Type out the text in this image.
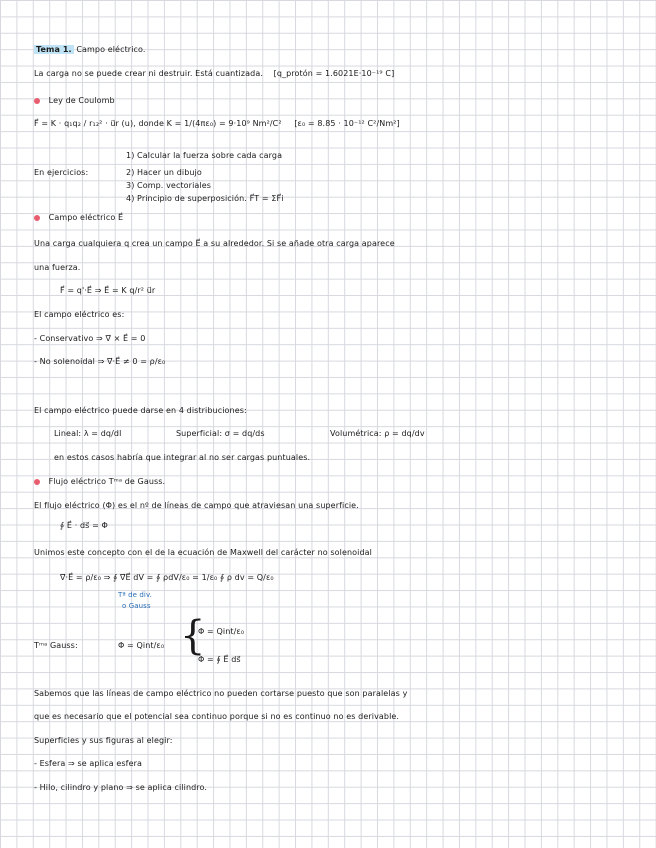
Tema 1. Campo eléctrico.
La carga no se puede crear ni destruir. Está cuantizada. [q_protón = 1.6021E·10⁻¹⁹ C]
Ley de Coulomb
F⃗ = K · q₁q₂ / r₁₂² · u⃗r (u), donde K = 1/(4πε₀) = 9·10⁹ Nm²/C² [ε₀ = 8.85 · 10⁻¹² C²/Nm²]
1) Calcular la fuerza sobre cada carga
En ejercicios:	2) Hacer un dibujo
3) Comp. vectoriales
4) Principio de superposición. F⃗T = ΣF⃗i
Campo eléctrico E⃗
Una carga cualquiera q crea un campo E⃗ a su alrededor. Si se añade otra carga aparece
una fuerza.
F⃗ = q'·E⃗ ⇒ E⃗ = K q/r² u⃗r
El campo eléctrico es:
- Conservativo ⇒ ∇⃗ × E⃗ = 0
- No solenoidal ⇒ ∇⃗·E⃗ ≠ 0 = ρ/ε₀
El campo eléctrico puede darse en 4 distribuciones:
Lineal: λ = dq/dl	Superficial: σ = dq/ds	Volumétrica: ρ = dq/dv
en estos casos habría que integrar al no ser cargas puntuales.
Flujo eléctrico Tᵐᵃ de Gauss.
El flujo eléctrico (Φ) es el nº de líneas de campo que atraviesan una superficie.
∮ E⃗ · ds⃗ = Φ
Unimos este concepto con el de la ecuación de Maxwell del carácter no solenoidal
∇⃗·E⃗ = ρ/ε₀ ⇒ ∮ ∇⃗E⃗ dV = ∮ ρdV/ε₀ = 1/ε₀ ∮ ρ dv = Q/ε₀
Tª de div.
o Gauss
Tᵐᵃ Gauss:	Φ = Qint/ε₀ {
Φ = Qint/ε₀
Φ = ∮ E⃗ ds⃗
Sabemos que las líneas de campo eléctrico no pueden cortarse puesto que son paralelas y
que es necesario que el potencial sea continuo porque si no es continuo no es derivable.
Superficies y sus figuras al elegir:
- Esfera ⇒ se aplica esfera
- Hilo, cilindro y plano ⇒ se aplica cilindro.
